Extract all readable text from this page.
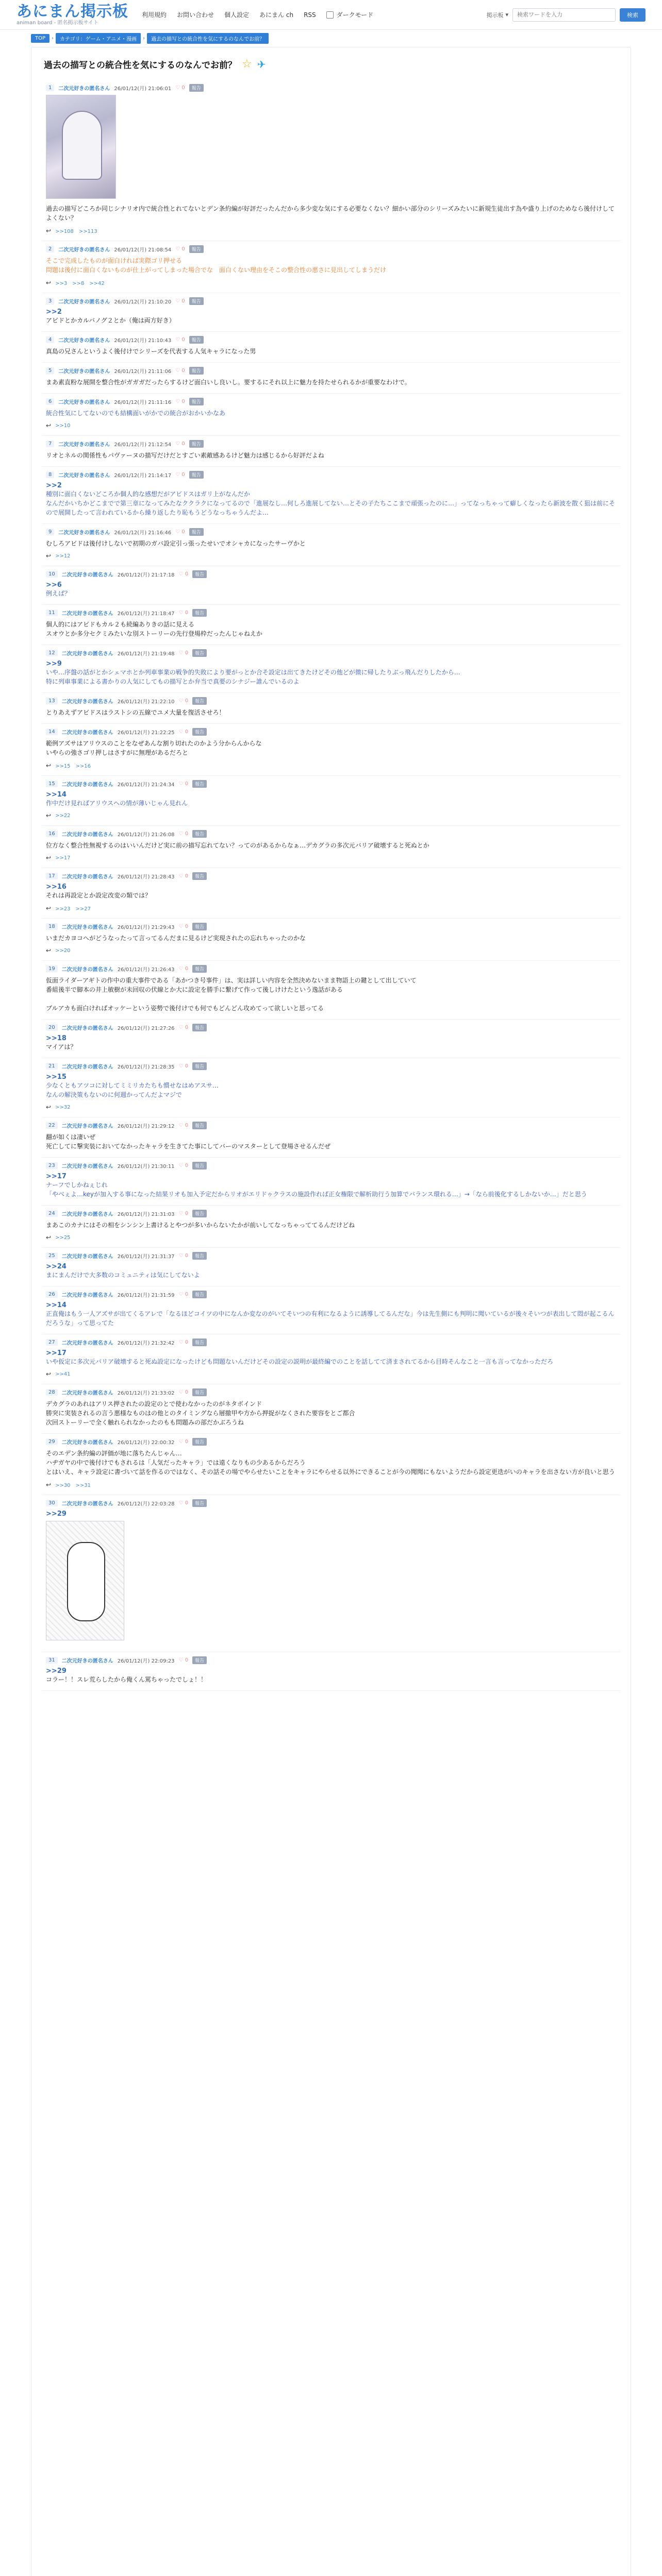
あにまん掲示板
animan board - 匿名掲示板サイト
利用規約 お問い合わせ 個人設定 あにまん ch RSS	ダークモード	掲示板 ▾
検索ワードを入力	検索
TOP	›	カテゴリ：ゲーム・アニメ・漫画	›	過去の描写との統合性を気にするのなんでお前？
過去の描写との統合性を気にするのなんでお前？ ☆ ✈
1	二次元好きの匿名さん 26/01/12(月) 21:06:01 ♡ 0	報告
過去の描写どころか同じシナリオ内で統合性とれてないとデン条約編が好評だったんだから多少変な気にする必要なくない？細かい部分のシリーズみたいに新規生徒出す為や盛り上げのためなら後付けしてよくない？
↩ >>108　>>113
2	二次元好きの匿名さん 26/01/12(月) 21:08:54 ♡ 0	報告
そこで完成したものが面白ければ実際ゴリ押せる
問題は後付に面白くないものが仕上がってしまった場合でな　面白くない理由をそこの整合性の悪さに見出してしまうだけ
↩ >>3　>>8　>>42
3	二次元好きの匿名さん 26/01/12(月) 21:10:20 ♡ 0	報告
>>2
アビドとかカルバノグ２とか（俺は両方好き）
4	二次元好きの匿名さん 26/01/12(月) 21:10:43 ♡ 0	報告
真島の兄さんというよく後付けでシリーズを代表する人気キャラになった男
5	二次元好きの匿名さん 26/01/12(月) 21:11:06 ♡ 0	報告
まあ素直粉な展開を整合性がガガガだったらするけど面白いし良いし。要するにそれ以上に魅力を持たせられるかが重要なわけで。
6	二次元好きの匿名さん 26/01/12(月) 21:11:16 ♡ 0	報告
統合性気にしてないのでも結構面いがかでの統合がおかいかなあ
↩ >>10
7	二次元好きの匿名さん 26/01/12(月) 21:12:54 ♡ 0	報告
リオとネルの関係性もパヴァーヌの描写だけだとすごい素敵感あるけど魅力は感じるから好評だよね
8	二次元好きの匿名さん 26/01/12(月) 21:14:17 ♡ 0	報告
>>2
種別に面白くないどころか個人的な感想だがアビドスはガリ上がなんだか
なんだかいちかどこまでで第三章になってみたなククラクになってるので「進展なし…何しろ進展してない…とその子たちここまで頑張ったのに…」ってなっちゃって癖しくなったら新波を散く狙は前にそので展開したって言われているから繰り返したり恥もうどうなっちゃうんだよ…
9	二次元好きの匿名さん 26/01/12(月) 21:16:46 ♡ 0	報告
むしろアビドは後付けしないで初期のガバ設定引っ張ったせいでオシャカになったサーヴかと
↩ >>12
10	二次元好きの匿名さん 26/01/12(月) 21:17:18 ♡ 0	報告
>>6
例えば？
11	二次元好きの匿名さん 26/01/12(月) 21:18:47 ♡ 0	報告
個人的にはアビドもカル２も続編ありきの話に見える
スオウとか多分セクミみたいな別ストーリーの先行登場枠だったんじゃねえか
12	二次元好きの匿名さん 26/01/12(月) 21:19:48 ♡ 0	報告
>>9
いや…序盤の話がとかシェマホとか列車事業の戦争的失敗により要がっとか合そ設定は出てきたけどその他どが微に帰したりぶっ飛んだりしたから…
特に列車事業による書かりの人気にしてもの描写とか弁当で真要のシナジー誰んでいるのよ
13	二次元好きの匿名さん 26/01/12(月) 21:22:10 ♡ 0	報告
とりあえずアビドスはラストシの五線でユメ大量を復活させろ！
14	二次元好きの匿名さん 26/01/12(月) 21:22:25 ♡ 0	報告
範例アズサはアリウスのことをなぜあんな割り切れたのかよう分からんからな
いやらの強さゴリ押しはさすがに無理があるだろと
↩ >>15　>>16
15	二次元好きの匿名さん 26/01/12(月) 21:24:34 ♡ 0	報告
>>14
作中だけ見ればアリウスへの情が薄いじゃん見れん
↩ >>22
16	二次元好きの匿名さん 26/01/12(月) 21:26:08 ♡ 0	報告
位方なく整合性無視するのはいいんだけど実に前の描写忘れてない？ってのがあるからなぁ…デカグラの多次元バリア破壊すると死ぬとか
↩ >>17
17	二次元好きの匿名さん 26/01/12(月) 21:28:43 ♡ 0	報告
>>16
それは再設定とか設定改変の類では？
↩ >>23　>>27
18	二次元好きの匿名さん 26/01/12(月) 21:29:43 ♡ 0	報告
いまだカヨコへがどうなったって言ってるんだまに見るけど実現されたの忘れちゃったのかな
↩ >>20
19	二次元好きの匿名さん 26/01/12(月) 21:26:43 ♡ 0	報告
仮面ライダーアギトの作中の重大事件である「あかつき号事件」は、実は詳しい内容を全然決めないまま物語上の鍵として出していて
番組後半で脚本の井上敏樹が未回収の伏線とか大に設定を勝手に繋げて作って後しけけたという逸話がある

ブルアカも面白ければオッケーという姿勢で後付けでも何でもどんどん攻めてって欲しいと思ってる
20	二次元好きの匿名さん 26/01/12(月) 21:27:26 ♡ 0	報告
>>18
マイアは？
21	二次元好きの匿名さん 26/01/12(月) 21:28:35 ♡ 0	報告
>>15
少なくともアツコに対してミミリカたちも慣せなはめアスサ…
なんの解決策もないのに何週かってんだよマジで
↩ >>32
22	二次元好きの匿名さん 26/01/12(月) 21:29:12 ♡ 0	報告
翻が如くは凄いぜ
死亡してに撃実装においてなかったキャラを生きてた事にしてバーのマスターとして登場させるんだぜ
23	二次元好きの匿名さん 26/01/12(月) 21:30:11 ♡ 0	報告
>>17
ナーフでしかねぇじれ
「やべぇよ…keyが加入する事になった結果リオも加入予定だからリオがエリドゥクラスの施設作れば正女権限で解析助行う加算でバランス環れる…」→「なら前後化するしかないか…」だと思う
24	二次元好きの匿名さん 26/01/12(月) 21:31:03 ♡ 0	報告
まあこのカナにはその相をシンシン上書けるとやつが多いからないたかが前いしてなっちゃっててるんだけどね
↩ >>25
25	二次元好きの匿名さん 26/01/12(月) 21:31:37 ♡ 0	報告
>>24
まにまんだけで大多数のコミュニティは気にしてないよ
26	二次元好きの匿名さん 26/01/12(月) 21:31:59 ♡ 0	報告
>>14
正直俺はもう一人アズサが出てくるアレで「なるほどコイツの中になんか変なのがいてそいつの有利になるように誘導してるんだな」今は先生側にも判明に聞いているが後々そいつが表出して悶が起こるんだろうな」って思ってた
27	二次元好きの匿名さん 26/01/12(月) 21:32:42 ♡ 0	報告
>>17
いや仮定に多次元バリア破壊すると死ぬ設定になったけども問題ないんだけどその設定の説明が最終編でのことを話してて済まされてるから目時そんなこと一言も言ってなかっただろ
↩ >>41
28	二次元好きの匿名さん 26/01/12(月) 21:33:02 ♡ 0	報告
デカグラのあれはアリス押されたの設定のとで使わなかったのがネタボインド
勝突に実装されるの言う悪様なものはの他とのタイミングなら層撤甲や方から押捉がなくされた要容をとご都合
次回ストーリーで全く触れられなかったのもも問題みの部だかぶろうね
29	二次元好きの匿名さん 26/01/12(月) 22:00:32 ♡ 0	報告
そのエデン条約編の評価が地に落ちたんじゃん…
ハヂガヤの中で後付けでもされるは「人気だったキャラ」では遠くなりもの少あるからだろう
とはいえ、キャラ設定に書づいて話を作るのではなく、その話その場でやらせたいことをキャラにやらせる以外にできることが今の聞聞にもないようだから設定更迭がいのキャラを出さない方が良いと思う
↩ >>30　>>31
30	二次元好きの匿名さん 26/01/12(月) 22:03:28 ♡ 0	報告
>>29
31	二次元好きの匿名さん 26/01/12(月) 22:09:23 ♡ 0	報告
>>29
コラー！！スレ荒らしたから俺くん罵ちゃったでしょ！！
